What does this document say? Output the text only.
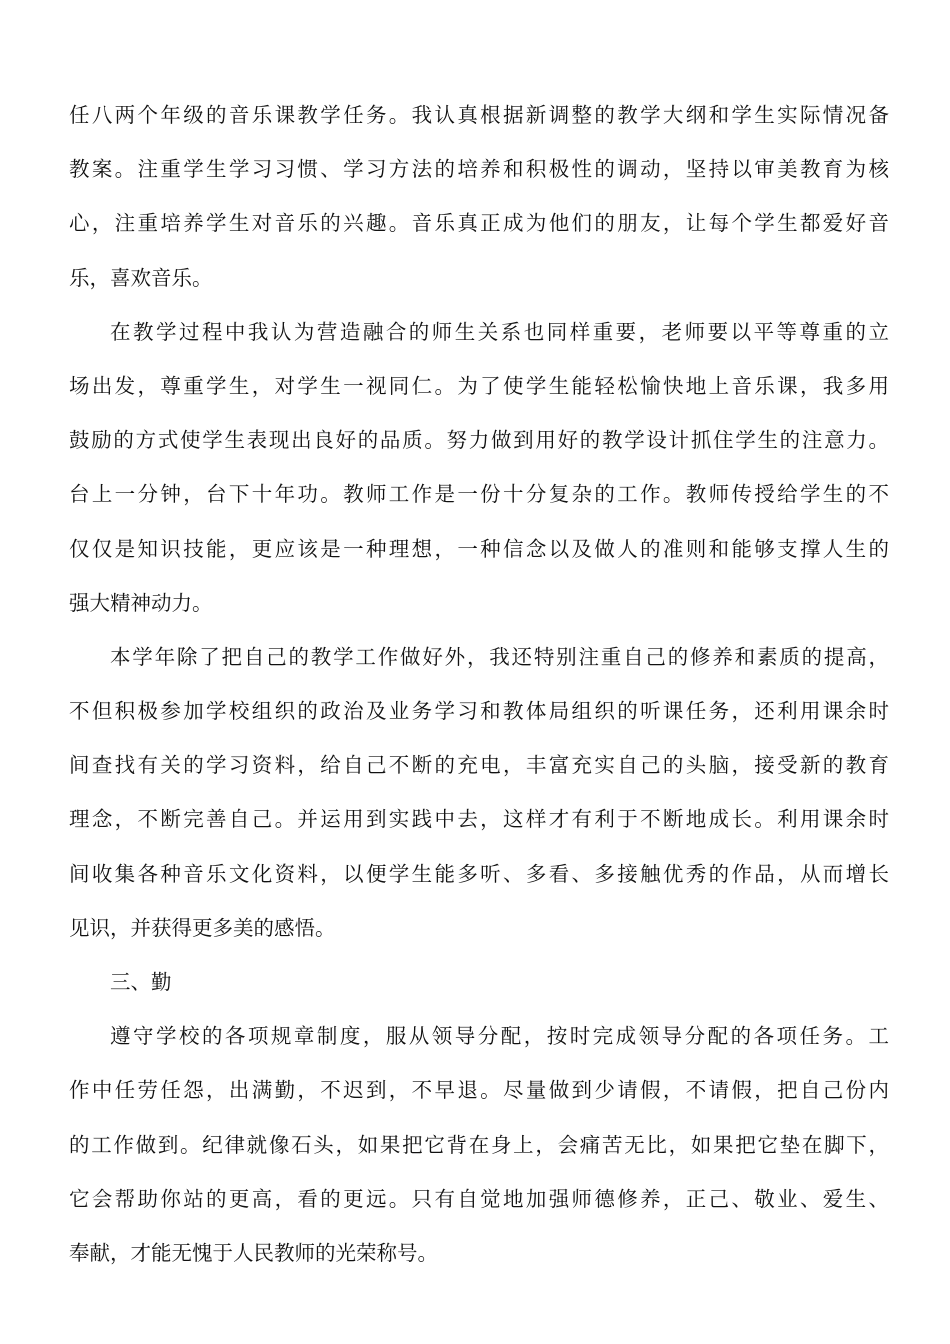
任八两个年级的音乐课教学任务。我认真根据新调整的教学大纲和学生实际情况备
教案。注重学生学习习惯、学习方法的培养和积极性的调动，坚持以审美教育为核
心，注重培养学生对音乐的兴趣。音乐真正成为他们的朋友，让每个学生都爱好音
乐，喜欢音乐。
在教学过程中我认为营造融合的师生关系也同样重要，老师要以平等尊重的立
场出发，尊重学生，对学生一视同仁。为了使学生能轻松愉快地上音乐课，我多用
鼓励的方式使学生表现出良好的品质。努力做到用好的教学设计抓住学生的注意力。
台上一分钟，台下十年功。教师工作是一份十分复杂的工作。教师传授给学生的不
仅仅是知识技能，更应该是一种理想，一种信念以及做人的准则和能够支撑人生的
强大精神动力。
本学年除了把自己的教学工作做好外，我还特别注重自己的修养和素质的提高，
不但积极参加学校组织的政治及业务学习和教体局组织的听课任务，还利用课余时
间查找有关的学习资料，给自己不断的充电，丰富充实自己的头脑，接受新的教育
理念，不断完善自己。并运用到实践中去，这样才有利于不断地成长。利用课余时
间收集各种音乐文化资料，以便学生能多听、多看、多接触优秀的作品，从而增长
见识，并获得更多美的感悟。
三、勤
遵守学校的各项规章制度，服从领导分配，按时完成领导分配的各项任务。工
作中任劳任怨，出满勤，不迟到，不早退。尽量做到少请假，不请假，把自己份内
的工作做到。纪律就像石头，如果把它背在身上，会痛苦无比，如果把它垫在脚下，
它会帮助你站的更高，看的更远。只有自觉地加强师德修养，正己、敬业、爱生、
奉献，才能无愧于人民教师的光荣称号。
